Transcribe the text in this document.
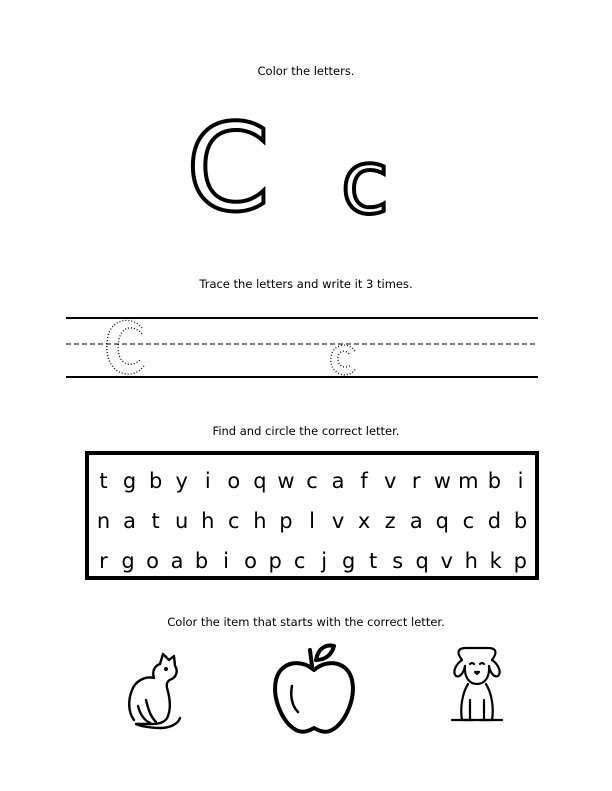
Color the letters.
Trace the letters and write it 3 times.
Find and circle the correct letter.
Color the item that starts with the correct letter.
C c
t g b y i o q w c a f v r w m b i
n a t u h c h p l v x z a q c d b
r g o a b i o p c j g t s q v h k p
